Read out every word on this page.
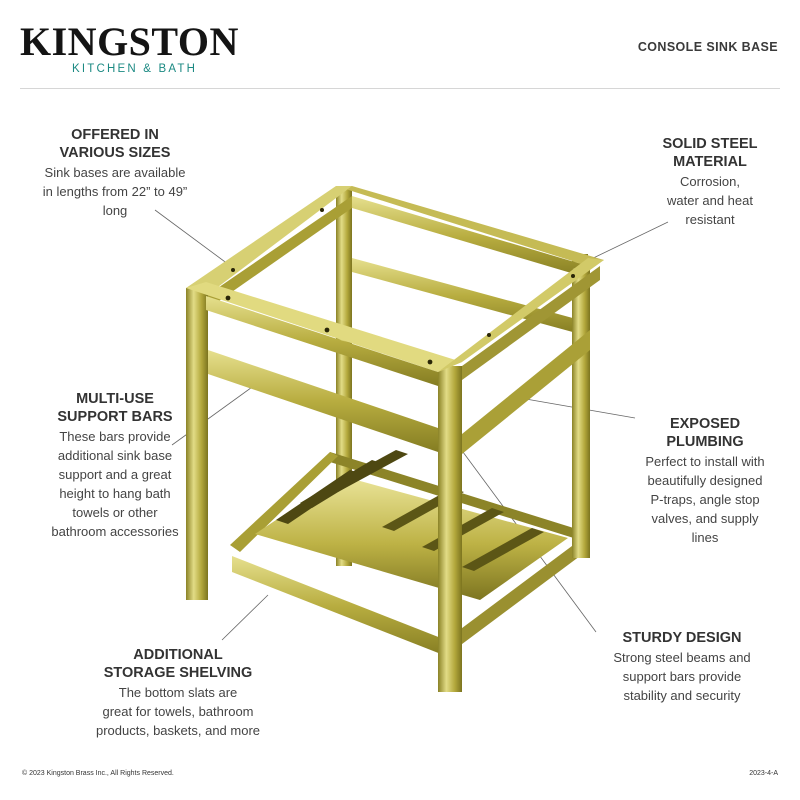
KINGSTON
KITCHEN & BATH
CONSOLE SINK BASE
OFFERED IN
VARIOUS SIZES

Sink bases are available
in lengths from 22” to 49”
long

SOLID STEEL
MATERIAL

Corrosion,
water and heat
resistant

MULTI-USE
SUPPORT BARS

These bars provide
additional sink base
support and a great
height to hang bath
towels or other
bathroom accessories

EXPOSED
PLUMBING

Perfect to install with
beautifully designed
P-traps, angle stop
valves, and supply
lines

ADDITIONAL
STORAGE SHELVING

The bottom slats are
great for towels, bathroom
products, baskets, and more

STURDY DESIGN

Strong steel beams and
support bars provide
stability and security

© 2023 Kingston Brass Inc., All Rights Reserved.	2023-4-A
